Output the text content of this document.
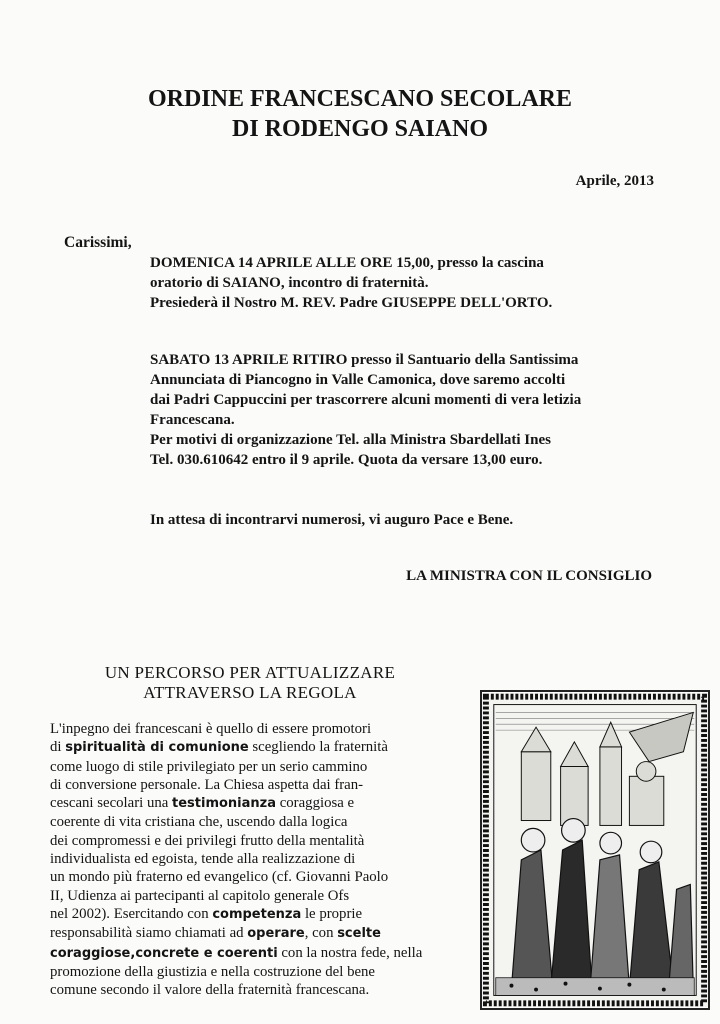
ORDINE FRANCESCANO SECOLARE
DI RODENGO SAIANO
Aprile, 2013
Carissimi,
DOMENICA 14 APRILE ALLE ORE 15,00, presso la cascina
oratorio di SAIANO, incontro di fraternità.
Presiederà il Nostro M. REV. Padre GIUSEPPE DELL'ORTO.
SABATO 13 APRILE RITIRO presso il Santuario della Santissima
Annunciata di Piancogno in Valle Camonica, dove saremo accolti
dai Padri Cappuccini per trascorrere alcuni momenti di vera letizia
Francescana.
Per motivi di organizzazione Tel. alla Ministra Sbardellati Ines
Tel. 030.610642 entro il 9 aprile. Quota da versare 13,00 euro.
In attesa di incontrarvi numerosi, vi auguro Pace e Bene.
LA MINISTRA CON IL CONSIGLIO
UN PERCORSO PER ATTUALIZZARE
ATTRAVERSO LA REGOLA
L'inpegno dei francescani è quello di essere promotori
di spiritualità di comunione scegliendo la fraternità
come luogo di stile privilegiato per un serio cammino
di conversione personale. La Chiesa aspetta dai fran-
cescani secolari una testimonianza coraggiosa e
coerente di vita cristiana che, uscendo dalla logica
dei compromessi e dei privilegi frutto della mentalità
individualista ed egoista, tende alla realizzazione di
un mondo più fraterno ed evangelico (cf. Giovanni Paolo
II, Udienza ai partecipanti al capitolo generale Ofs
nel 2002). Esercitando con competenza le proprie
responsabilità siamo chiamati ad operare, con scelte
coraggiose,concrete e coerenti con la nostra fede, nella
promozione della giustizia e nella costruzione del bene
comune secondo il valore della fraternità francescana.
